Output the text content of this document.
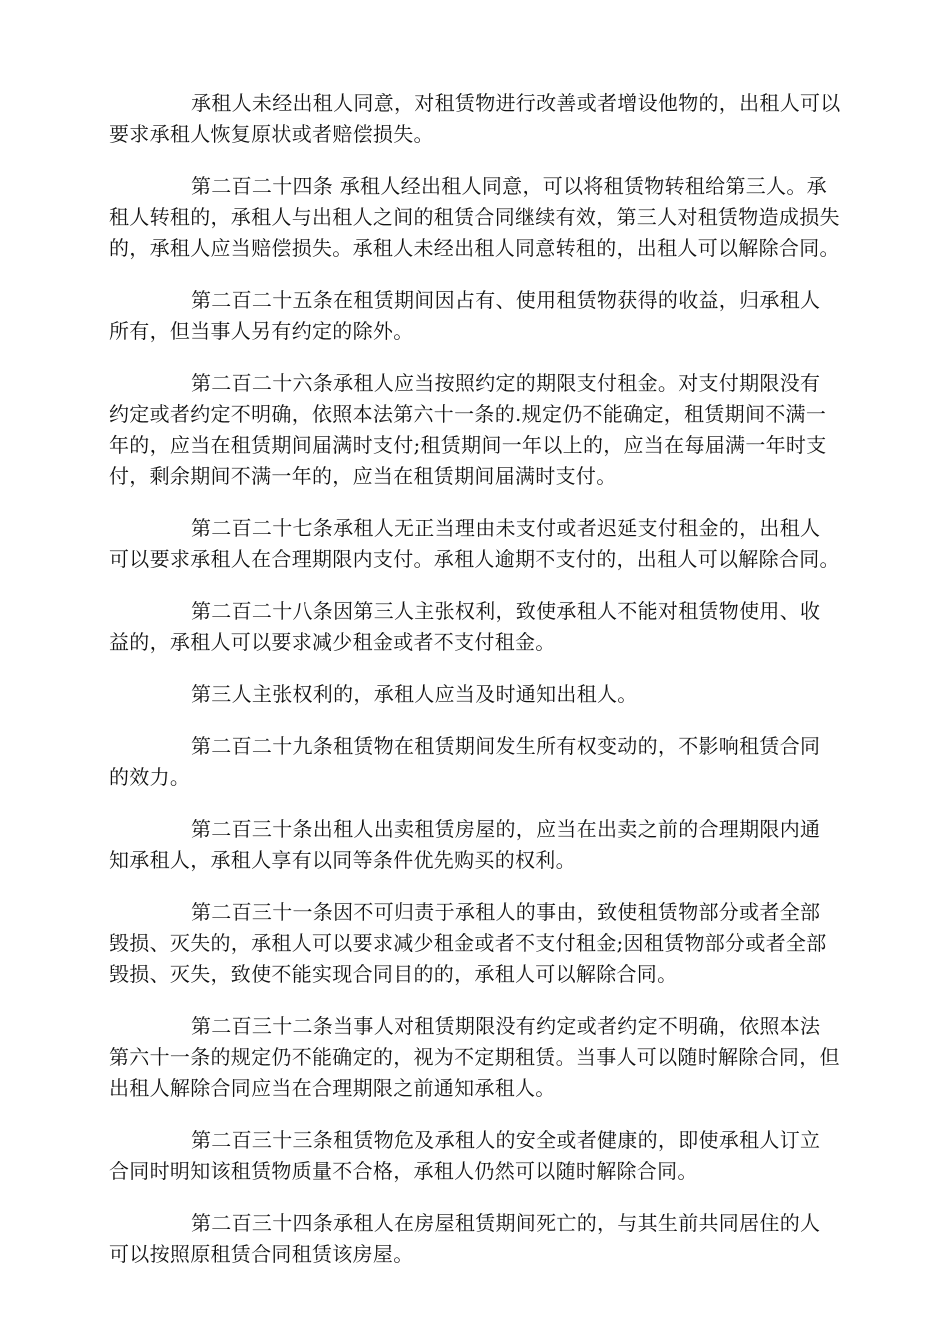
承租人未经出租人同意，对租赁物进行改善或者增设他物的，出租人可以
要求承租人恢复原状或者赔偿损失。

第二百二十四条 承租人经出租人同意，可以将租赁物转租给第三人。承
租人转租的，承租人与出租人之间的租赁合同继续有效，第三人对租赁物造成损失
的，承租人应当赔偿损失。承租人未经出租人同意转租的，出租人可以解除合同。

第二百二十五条在租赁期间因占有、使用租赁物获得的收益，归承租人
所有，但当事人另有约定的除外。

第二百二十六条承租人应当按照约定的期限支付租金。对支付期限没有
约定或者约定不明确，依照本法第六十一条的.规定仍不能确定，租赁期间不满一
年的，应当在租赁期间届满时支付;租赁期间一年以上的，应当在每届满一年时支
付，剩余期间不满一年的，应当在租赁期间届满时支付。

第二百二十七条承租人无正当理由未支付或者迟延支付租金的，出租人
可以要求承租人在合理期限内支付。承租人逾期不支付的，出租人可以解除合同。

第二百二十八条因第三人主张权利，致使承租人不能对租赁物使用、收
益的，承租人可以要求减少租金或者不支付租金。

第三人主张权利的，承租人应当及时通知出租人。

第二百二十九条租赁物在租赁期间发生所有权变动的，不影响租赁合同
的效力。

第二百三十条出租人出卖租赁房屋的，应当在出卖之前的合理期限内通
知承租人，承租人享有以同等条件优先购买的权利。

第二百三十一条因不可归责于承租人的事由，致使租赁物部分或者全部
毁损、灭失的，承租人可以要求减少租金或者不支付租金;因租赁物部分或者全部
毁损、灭失，致使不能实现合同目的的，承租人可以解除合同。

第二百三十二条当事人对租赁期限没有约定或者约定不明确，依照本法
第六十一条的规定仍不能确定的，视为不定期租赁。当事人可以随时解除合同，但
出租人解除合同应当在合理期限之前通知承租人。

第二百三十三条租赁物危及承租人的安全或者健康的，即使承租人订立
合同时明知该租赁物质量不合格，承租人仍然可以随时解除合同。

第二百三十四条承租人在房屋租赁期间死亡的，与其生前共同居住的人
可以按照原租赁合同租赁该房屋。
